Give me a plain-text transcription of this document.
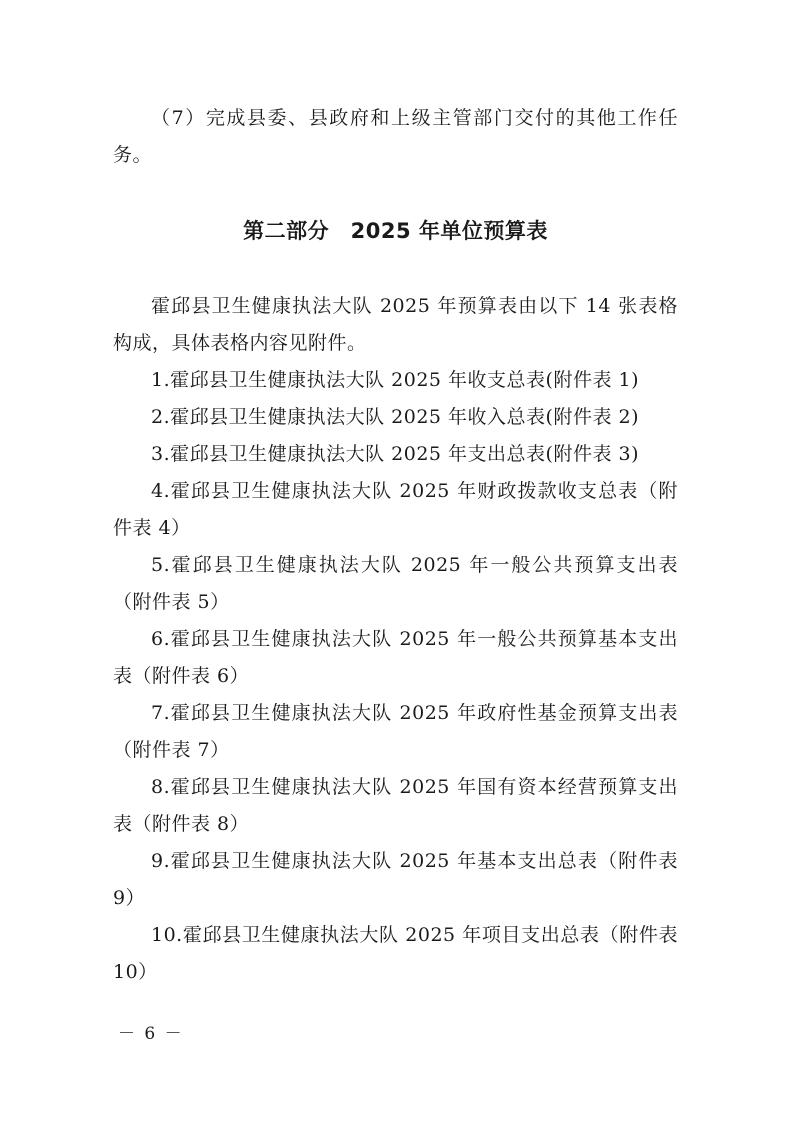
（7）完成县委、县政府和上级主管部门交付的其他工作任务。

第二部分　2025 年单位预算表

霍邱县卫生健康执法大队 2025 年预算表由以下 14 张表格构成，具体表格内容见附件。

1.霍邱县卫生健康执法大队 2025 年收支总表(附件表 1)

2.霍邱县卫生健康执法大队 2025 年收入总表(附件表 2)

3.霍邱县卫生健康执法大队 2025 年支出总表(附件表 3)

4.霍邱县卫生健康执法大队 2025 年财政拨款收支总表（附件表 4）

5.霍邱县卫生健康执法大队 2025 年一般公共预算支出表（附件表 5）

6.霍邱县卫生健康执法大队 2025 年一般公共预算基本支出表（附件表 6）

7.霍邱县卫生健康执法大队 2025 年政府性基金预算支出表（附件表 7）

8.霍邱县卫生健康执法大队 2025 年国有资本经营预算支出表（附件表 8）

9.霍邱县卫生健康执法大队 2025 年基本支出总表（附件表 9）

10.霍邱县卫生健康执法大队 2025 年项目支出总表（附件表 10）

－ 6 －
